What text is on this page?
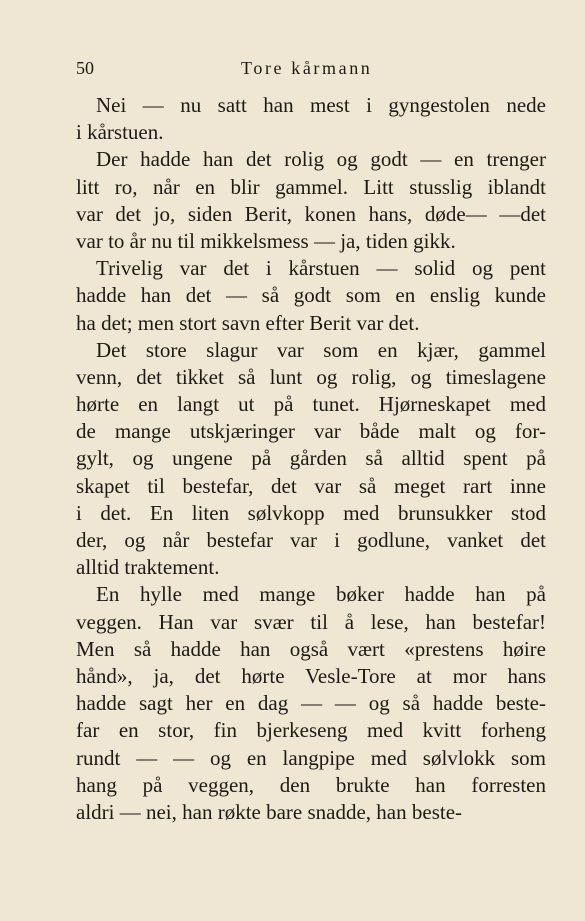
50	Tore kårmann
Nei — nu satt han mest i gyngestolen nede
i kårstuen.
Der hadde han det rolig og godt — en trenger
litt ro, når en blir gammel. Litt stusslig iblandt
var det jo, siden Berit, konen hans, døde— —det
var to år nu til mikkelsmess — ja, tiden gikk.
Trivelig var det i kårstuen — solid og pent
hadde han det — så godt som en enslig kunde
ha det; men stort savn efter Berit var det.
Det store slagur var som en kjær, gammel
venn, det tikket så lunt og rolig, og timeslagene
hørte en langt ut på tunet. Hjørneskapet med
de mange utskjæringer var både malt og for-
gylt, og ungene på gården så alltid spent på
skapet til bestefar, det var så meget rart inne
i det. En liten sølvkopp med brunsukker stod
der, og når bestefar var i godlune, vanket det
alltid traktement.
En hylle med mange bøker hadde han på
veggen. Han var svær til å lese, han bestefar!
Men så hadde han også vært «prestens høire
hånd», ja, det hørte Vesle-Tore at mor hans
hadde sagt her en dag — — og så hadde beste-
far en stor, fin bjerkeseng med kvitt forheng
rundt — — og en langpipe med sølvlokk som
hang på veggen, den brukte han forresten
aldri — nei, han røkte bare snadde, han beste-
